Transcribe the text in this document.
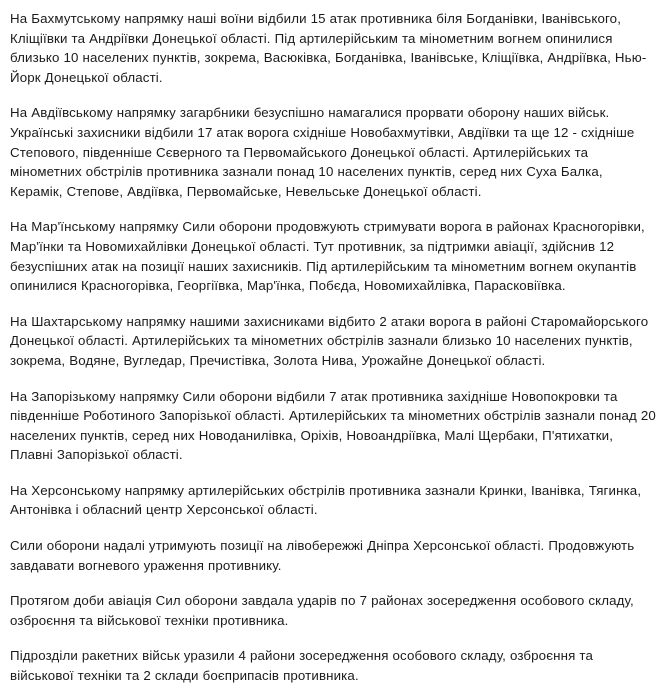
На Бахмутському напрямку наші воїни відбили 15 атак противника біля Богданівки, Іванівського, Кліщіївки та Андріївки Донецької області. Під артилерійським та мінометним вогнем опинилися близько 10 населених пунктів, зокрема, Васюківка, Богданівка, Іванівське, Кліщіївка, Андріївка, Нью-Йорк Донецької області.

На Авдіївському напрямку загарбники безуспішно намагалися прорвати оборону наших військ. Українські захисники відбили 17 атак ворога східніше Новобахмутівки, Авдіївки та ще 12 - східніше Степового, південніше Сєверного та Первомайського Донецької області. Артилерійських та мінометних обстрілів противника зазнали понад 10 населених пунктів, серед них Суха Балка, Керамік, Степове, Авдіївка, Первомайське, Невельське Донецької області.

На Мар'їнському напрямку Сили оборони продовжують стримувати ворога в районах Красногорівки, Мар'їнки та Новомихайлівки Донецької області. Тут противник, за підтримки авіації, здійснив 12 безуспішних атак на позиції наших захисників. Під артилерійським та мінометним вогнем окупантів опинилися Красногорівка, Георгіївка, Мар'їнка, Побєда, Новомихайлівка, Парасковіївка.

На Шахтарському напрямку нашими захисниками відбито 2 атаки ворога в районі Старомайорського Донецької області. Артилерійських та мінометних обстрілів зазнали близько 10 населених пунктів, зокрема, Водяне, Вугледар, Пречистівка, Золота Нива, Урожайне Донецької області.

На Запорізькому напрямку Сили оборони відбили 7 атак противника західніше Новопокровки та південніше Роботиного Запорізької області. Артилерійських та мінометних обстрілів зазнали понад 20 населених пунктів, серед них Новоданилівка, Оріхів, Новоандріївка, Малі Щербаки, П'ятихатки, Плавні Запорізької області.

На Херсонському напрямку артилерійських обстрілів противника зазнали Кринки, Іванівка, Тягинка, Антонівка і обласний центр Херсонської області.

Сили оборони надалі утримують позиції на лівобережжі Дніпра Херсонської області. Продовжують завдавати вогневого ураження противнику.

Протягом доби авіація Сил оборони завдала ударів по 7 районах зосередження особового складу, озброєння та військової техніки противника.

Підрозділи ракетних військ уразили 4 райони зосередження особового складу, озброєння та військової техніки та 2 склади боєприпасів противника.
